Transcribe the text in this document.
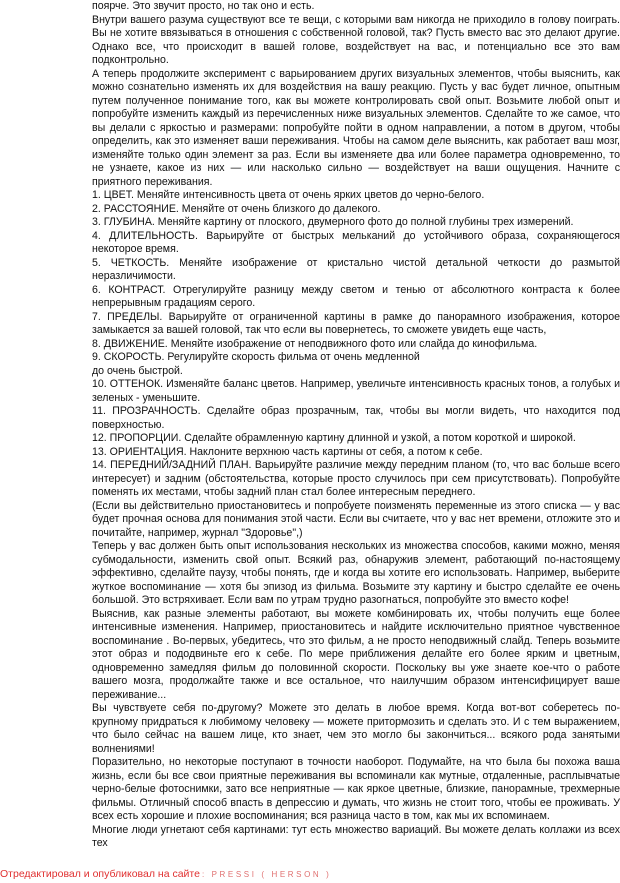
поярче. Это звучит просто, но так оно и есть.

Внутри вашего разума существуют все те вещи, с которыми вам никогда не приходило в голову поиграть. Вы не хотите ввязываться в отношения с собственной головой, так? Пусть вместо вас это делают другие. Однако все, что происходит в вашей голове, воздействует на вас, и потенциально все это вам подконтрольно.

А теперь продолжите эксперимент с варьированием других визуальных элементов, чтобы выяснить, как можно сознательно изменять их для воздействия на вашу реакцию. Пусть у вас будет личное, опытным путем полученное понимание того, как вы можете контролировать свой опыт. Возьмите любой опыт и попробуйте изменить каждый из перечисленных ниже визуальных элементов. Сделайте то же самое, что вы делали с яркостью и размерами: попробуйте пойти в одном направлении, а потом в другом, чтобы определить, как это изменяет ваши переживания. Чтобы на самом деле выяснить, как работает ваш мозг, изменяйте только один элемент за раз. Если вы изменяете два или более параметра одновременно, то не узнаете, какое из них — или насколько сильно — воздействует на ваши ощущения. Начните с приятного переживания.

1. ЦВЕТ. Меняйте интенсивность цвета от очень ярких цветов до черно-белого.
2. РАССТОЯНИЕ. Меняйте от очень близкого до далекого.
3. ГЛУБИНА. Меняйте картину от плоского, двумерного фото до полной глубины трех измерений.
4. ДЛИТЕЛЬНОСТЬ. Варьируйте от быстрых мельканий до устойчивого образа, сохраняющегося некоторое время.
5. ЧЕТКОСТЬ. Меняйте изображение от кристально чистой детальной четкости до размытой неразличимости.
6. КОНТРАСТ. Отрегулируйте разницу между светом и тенью от абсолютного контраста к более непрерывным градациям серого.
7. ПРЕДЕЛЫ. Варьируйте от ограниченной картины в рамке до панорамного изображения, которое замыкается за вашей головой, так что если вы повернетесь, то сможете увидеть еще часть,
8. ДВИЖЕНИЕ. Меняйте изображение от неподвижного фото или слайда до кинофильма.
9. СКОРОСТЬ. Регулируйте скорость фильма от очень медленной
до очень быстрой.
10. ОТТЕНОК. Изменяйте баланс цветов. Например, увеличьте интенсивность красных тонов, а голубых и зеленых - уменьшите.
11. ПРОЗРАЧНОСТЬ. Сделайте образ прозрачным, так, чтобы вы могли видеть, что находится под поверхностью.
12. ПРОПОРЦИИ. Сделайте обрамленную картину длинной и узкой, а потом короткой и широкой.
13. ОРИЕНТАЦИЯ. Наклоните верхнюю часть картины от себя, а потом к себе.
14. ПЕРЕДНИЙ/ЗАДНИЙ ПЛАН. Варьируйте различие между передним планом (то, что вас больше всего интересует) и задним (обстоятельства, которые просто случилось при сем присутствовать). Попробуйте поменять их местами, чтобы задний план стал более интересным переднего.

(Если вы действительно приостановитесь и попробуете поизменять переменные из этого списка — у вас будет прочная основа для понимания этой части. Если вы считаете, что у вас нет времени, отложите это и почитайте, например, журнал "Здоровье",)

Теперь у вас должен быть опыт использования нескольких из множества способов, какими можно, меняя субмодальности, изменить свой опыт. Всякий раз, обнаружив элемент, работающий по-настоящему эффективно, сделайте паузу, чтобы понять, где и когда вы хотите его использовать. Например, выберите жуткое воспоминание — хотя бы эпизод из фильма. Возьмите эту картину и быстро сделайте ее очень большой. Это встряхивает. Если вам по утрам трудно разогнаться, попробуйте это вместо кофе!

Выяснив, как разные элементы работают, вы можете комбинировать их, чтобы получить еще более интенсивные изменения. Например, приостановитесь и найдите исключительно приятное чувственное воспоминание . Во-первых, убедитесь, что это фильм, а не просто неподвижный слайд. Теперь возьмите этот образ и пододвиньте его к себе. По мере приближения делайте его более ярким и цветным, одновременно замедляя фильм до половинной скорости. Поскольку вы уже знаете кое-что о работе вашего мозга, продолжайте также и все остальное, что наилучшим образом интенсифицирует ваше переживание...

Вы чувствуете себя по-другому? Можете это делать в любое время. Когда вот-вот соберетесь по-крупному придраться к любимому человеку — можете притормозить и сделать это. И с тем выражением, что было сейчас на вашем лице, кто знает, чем это могло бы закончиться... всякого рода занятыми волнениями!

Поразительно, но некоторые поступают в точности наоборот. Подумайте, на что была бы похожа ваша жизнь, если бы все свои приятные переживания вы вспоминали как мутные, отдаленные, расплывчатые черно-белые фотоснимки, зато все неприятные — как яркое цветные, близкие, панорамные, трехмерные фильмы. Отличный способ впасть в депрессию и думать, что жизнь не стоит того, чтобы ее проживать. У всех есть хорошие и плохие воспоминания; вся разница часто в том, как мы их вспоминаем.

Многие люди угнетают себя картинами: тут есть множество вариаций. Вы можете делать коллажи из всех тех

Отредактировал и опубликовал на сайте : PRESSI ( HERSON )
